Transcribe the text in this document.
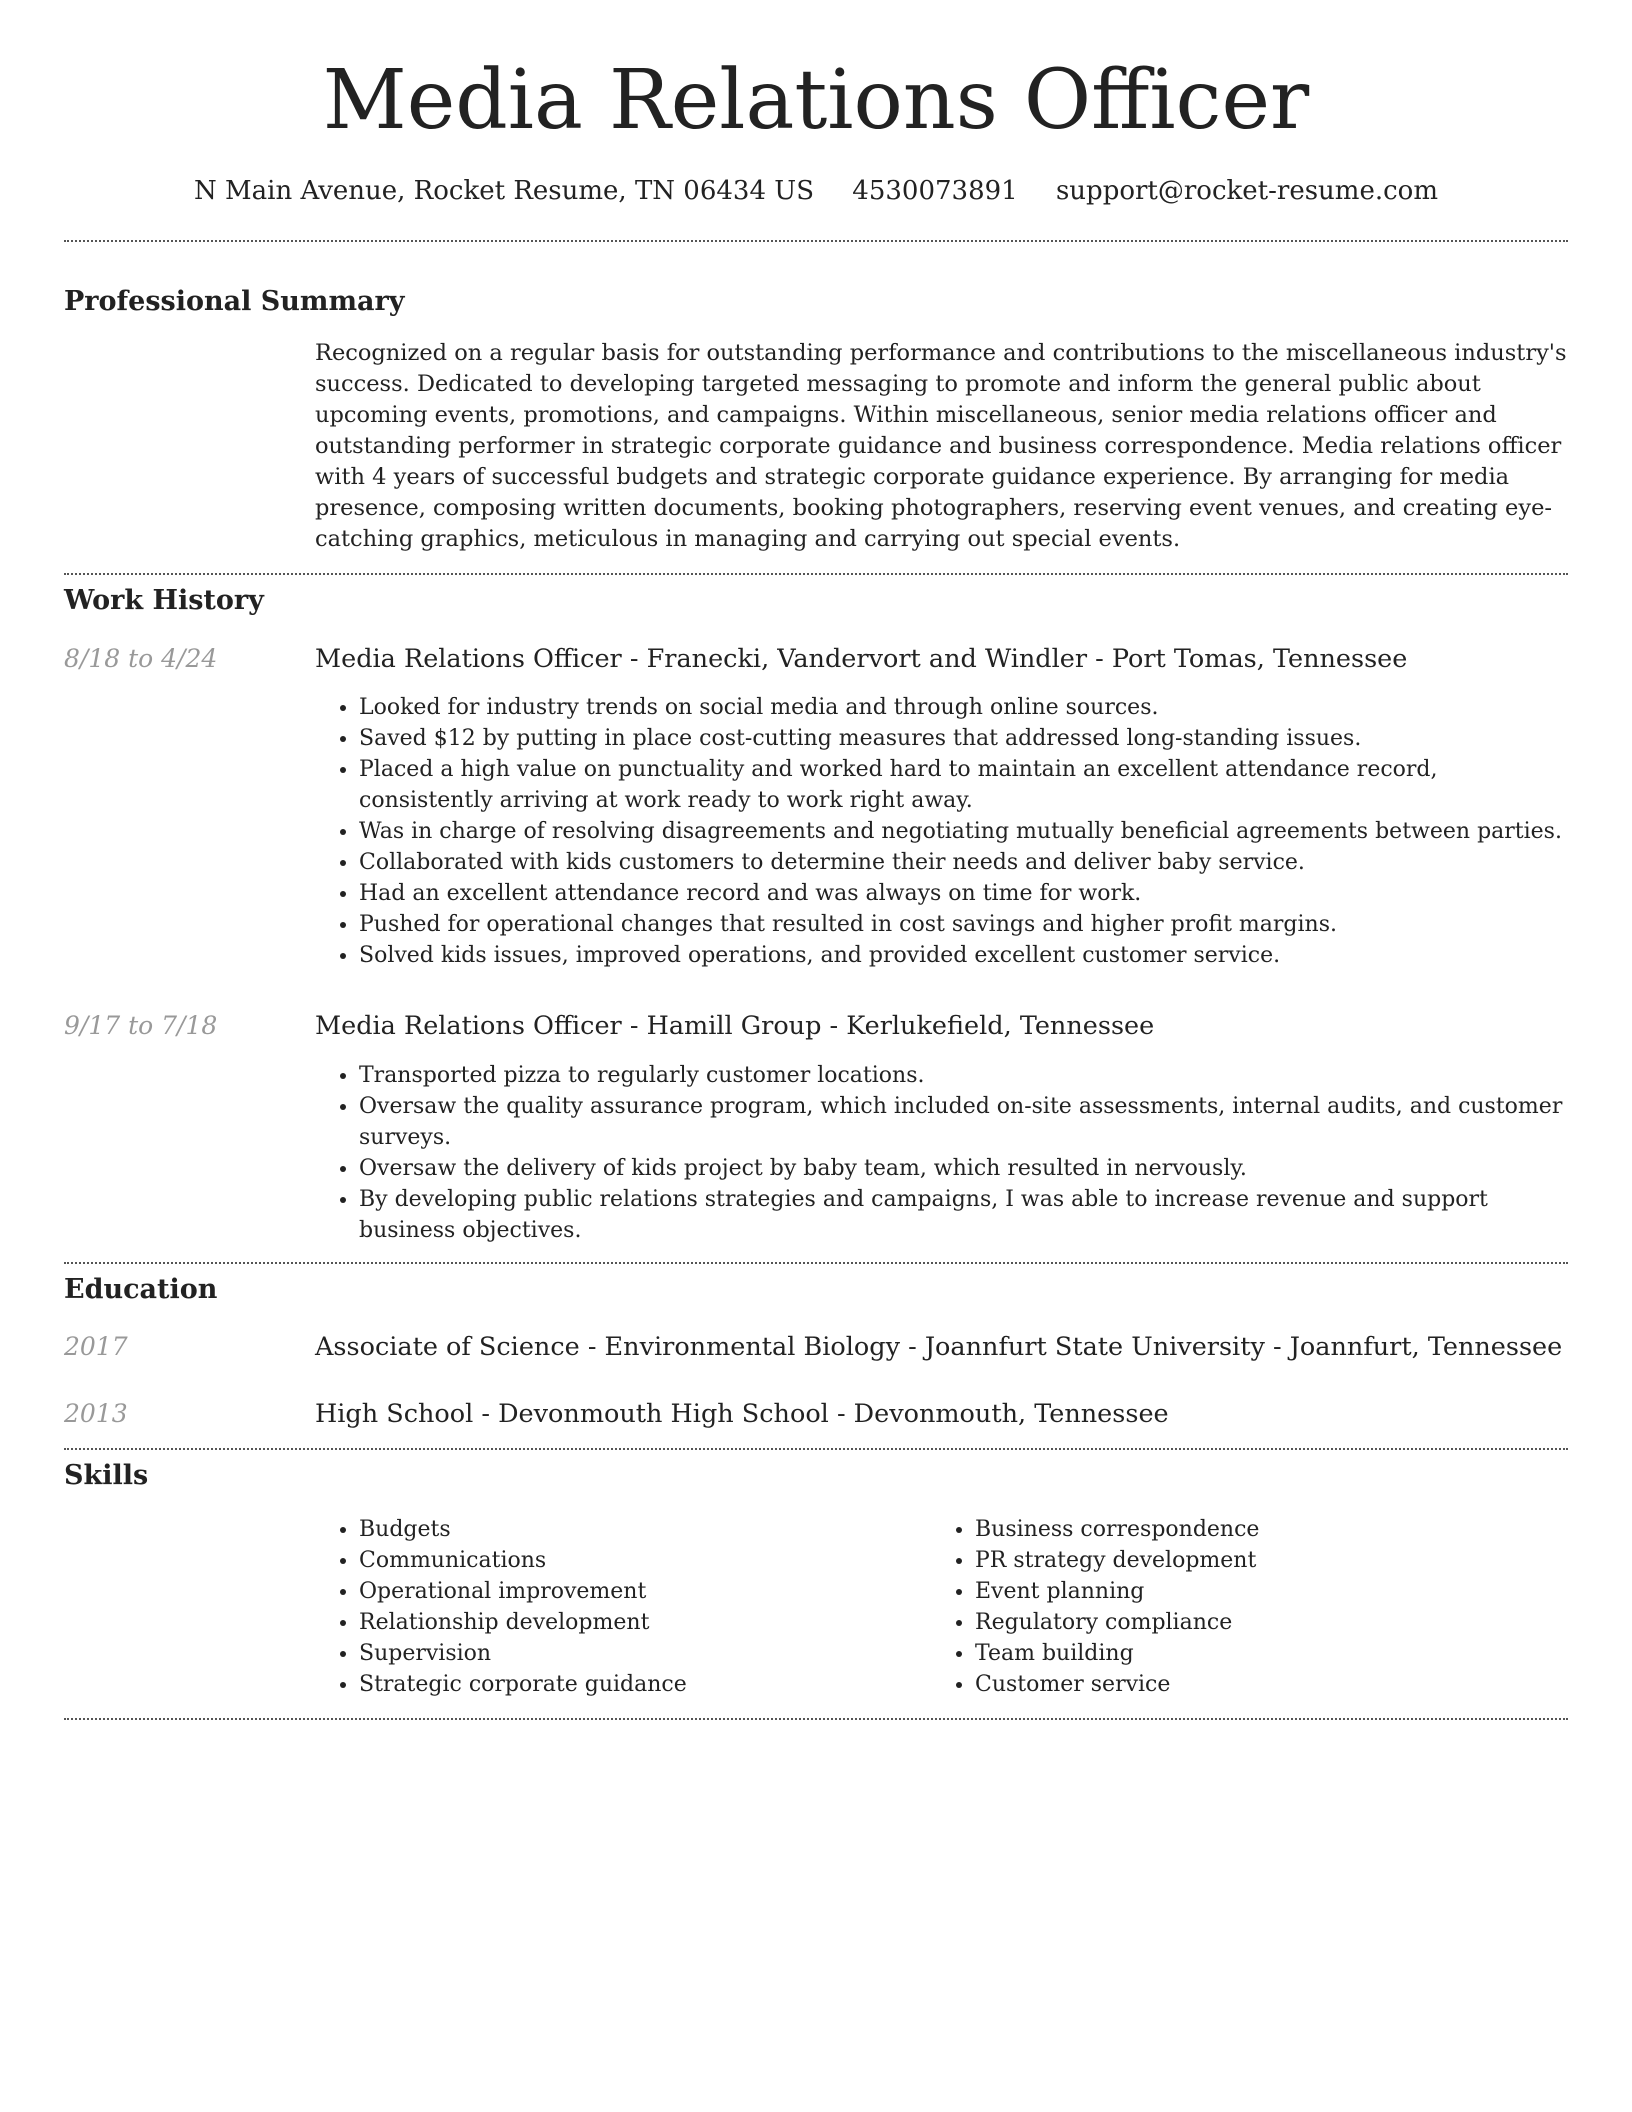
Media Relations Officer
N Main Avenue, Rocket Resume, TN 06434 US 4530073891 support@rocket-resume.com
Professional Summary
Recognized on a regular basis for outstanding performance and contributions to the miscellaneous industry's success. Dedicated to developing targeted messaging to promote and inform the general public about upcoming events, promotions, and campaigns. Within miscellaneous, senior media relations officer and outstanding performer in strategic corporate guidance and business correspondence. Media relations officer with 4 years of successful budgets and strategic corporate guidance experience. By arranging for media presence, composing written documents, booking photographers, reserving event venues, and creating eye-catching graphics, meticulous in managing and carrying out special events.
Work History
8/18 to 4/24	Media Relations Officer - Franecki, Vandervort and Windler - Port Tomas, Tennessee
• Looked for industry trends on social media and through online sources.
• Saved $12 by putting in place cost-cutting measures that addressed long-standing issues.
• Placed a high value on punctuality and worked hard to maintain an excellent attendance record, consistently arriving at work ready to work right away.
• Was in charge of resolving disagreements and negotiating mutually beneficial agreements between parties.
• Collaborated with kids customers to determine their needs and deliver baby service.
• Had an excellent attendance record and was always on time for work.
• Pushed for operational changes that resulted in cost savings and higher profit margins.
• Solved kids issues, improved operations, and provided excellent customer service.
9/17 to 7/18	Media Relations Officer - Hamill Group - Kerlukefield, Tennessee
• Transported pizza to regularly customer locations.
• Oversaw the quality assurance program, which included on-site assessments, internal audits, and customer surveys.
• Oversaw the delivery of kids project by baby team, which resulted in nervously.
• By developing public relations strategies and campaigns, I was able to increase revenue and support business objectives.
Education
2017	Associate of Science - Environmental Biology - Joannfurt State University - Joannfurt, Tennessee
2013	High School - Devonmouth High School - Devonmouth, Tennessee
Skills
• Budgets
• Communications
• Operational improvement
• Relationship development
• Supervision
• Strategic corporate guidance
• Business correspondence
• PR strategy development
• Event planning
• Regulatory compliance
• Team building
• Customer service
